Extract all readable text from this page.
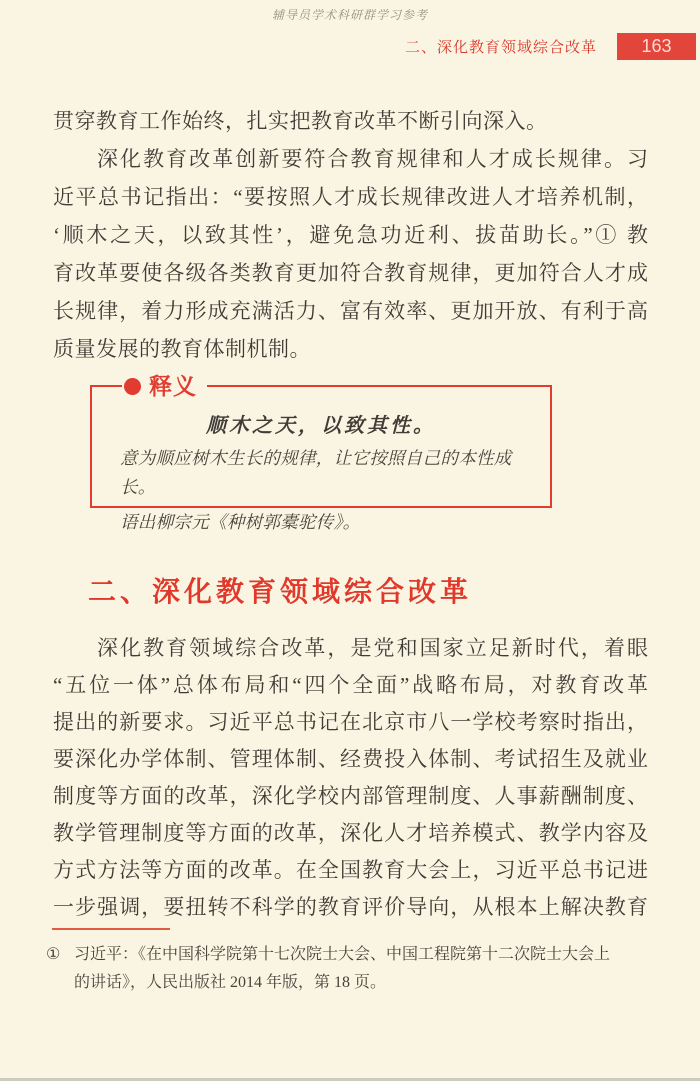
辅导员学术科研群学习参考
二、深化教育领域综合改革	163
贯穿教育工作始终，扎实把教育改革不断引向深入。
深化教育改革创新要符合教育规律和人才成长规律。习
近平总书记指出：“要按照人才成长规律改进人才培养机制，
‘顺木之天，以致其性’，避免急功近利、拔苗助长。”① 教
育改革要使各级各类教育更加符合教育规律，更加符合人才成
长规律，着力形成充满活力、富有效率、更加开放、有利于高
质量发展的教育体制机制。
释义
顺木之天，以致其性。
意为顺应树木生长的规律，让它按照自己的本性成长。
语出柳宗元《种树郭橐驼传》。
二、深化教育领域综合改革
深化教育领域综合改革，是党和国家立足新时代，着眼
“五位一体”总体布局和“四个全面”战略布局，对教育改革
提出的新要求。习近平总书记在北京市八一学校考察时指出，
要深化办学体制、管理体制、经费投入体制、考试招生及就业
制度等方面的改革，深化学校内部管理制度、人事薪酬制度、
教学管理制度等方面的改革，深化人才培养模式、教学内容及
方式方法等方面的改革。在全国教育大会上，习近平总书记进
一步强调，要扭转不科学的教育评价导向，从根本上解决教育
① 习近平：《在中国科学院第十七次院士大会、中国工程院第十二次院士大会上
的讲话》，人民出版社 2014 年版，第 18 页。
